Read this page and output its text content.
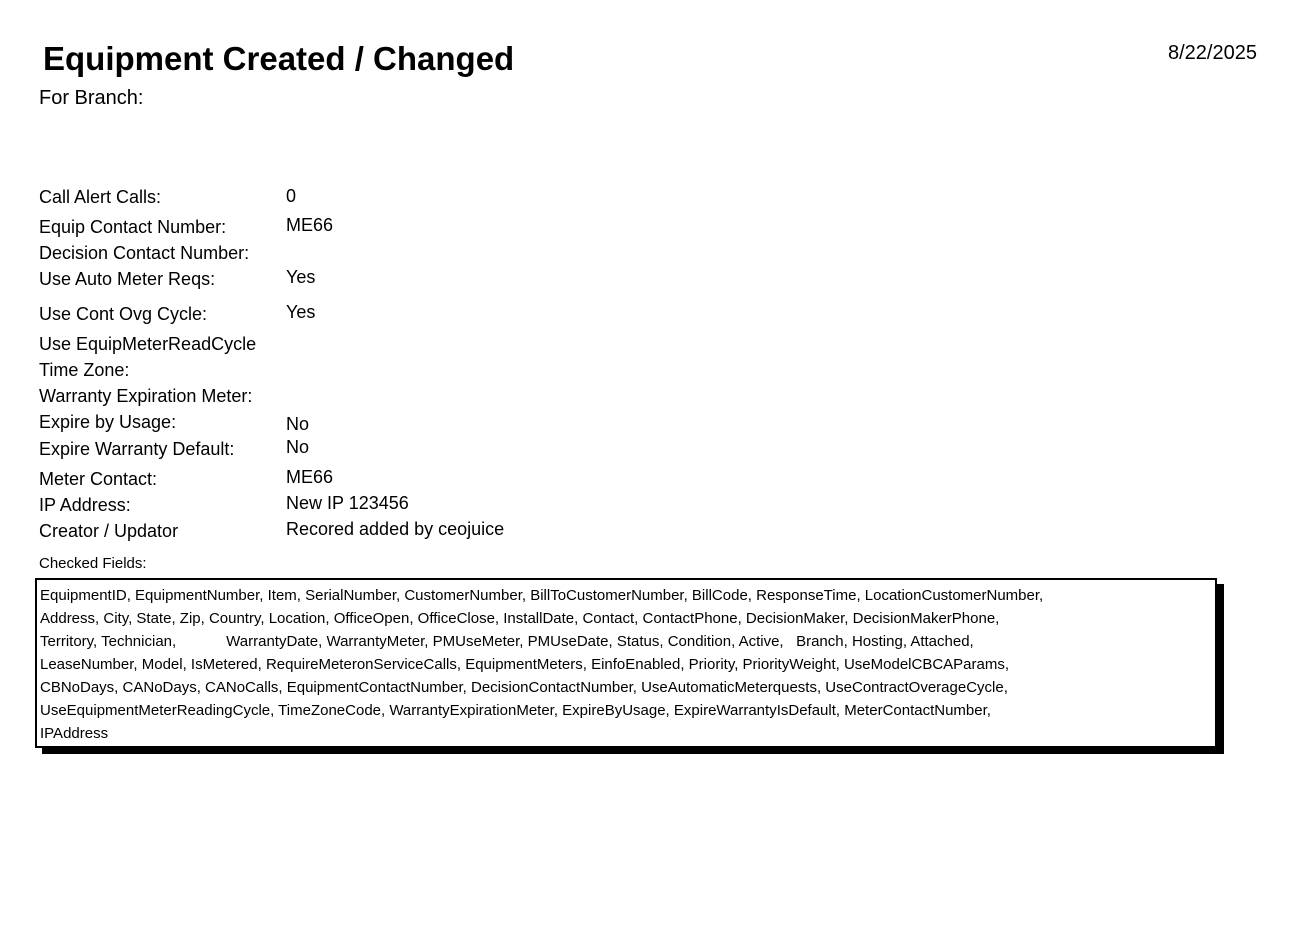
Equipment Created / Changed	8/22/2025
For Branch:
Call Alert Calls:	0
Equip Contact Number:	ME66
Decision Contact Number:
Use Auto Meter Reqs:	Yes
Use Cont Ovg Cycle:	Yes
Use EquipMeterReadCycle
Time Zone:
Warranty Expiration Meter:
Expire by Usage:	No
Expire Warranty Default:	No
Meter Contact:	ME66
IP Address:	New IP 123456
Creator / Updator	Recored added by ceojuice
Checked Fields:
EquipmentID, EquipmentNumber, Item, SerialNumber, CustomerNumber, BillToCustomerNumber, BillCode, ResponseTime, LocationCustomerNumber,
Address, City, State, Zip, Country, Location, OfficeOpen, OfficeClose, InstallDate, Contact, ContactPhone, DecisionMaker, DecisionMakerPhone,
Territory, Technician,            WarrantyDate, WarrantyMeter, PMUseMeter, PMUseDate, Status, Condition, Active,   Branch, Hosting, Attached,
LeaseNumber, Model, IsMetered, RequireMeteronServiceCalls, EquipmentMeters, EinfoEnabled, Priority, PriorityWeight, UseModelCBCAParams,
CBNoDays, CANoDays, CANoCalls, EquipmentContactNumber, DecisionContactNumber, UseAutomaticMeterquests, UseContractOverageCycle,
UseEquipmentMeterReadingCycle, TimeZoneCode, WarrantyExpirationMeter, ExpireByUsage, ExpireWarrantyIsDefault, MeterContactNumber,
IPAddress
